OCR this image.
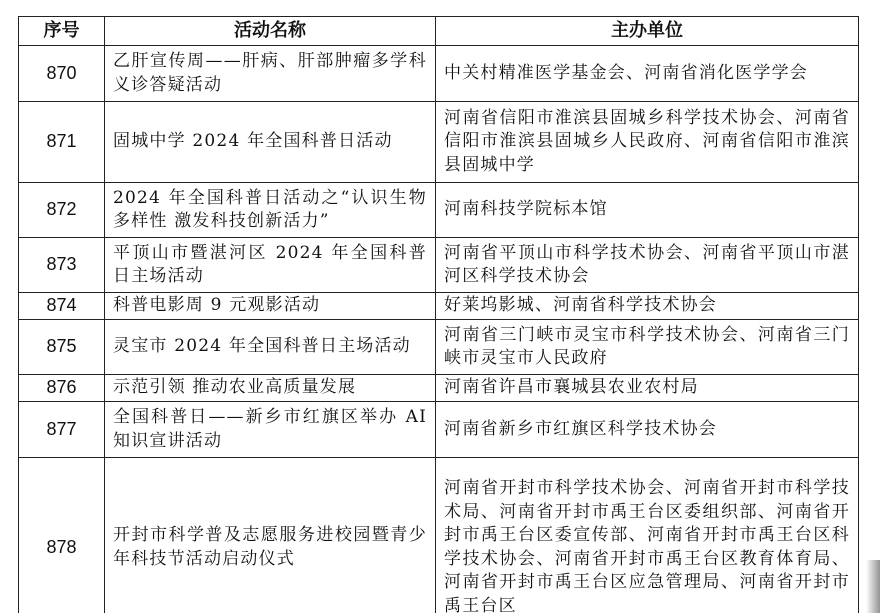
序号	活动名称	主办单位
870	乙肝宣传周——肝病、肝部肿瘤多学科义诊答疑活动	中关村精准医学基金会、河南省消化医学学会
871	固城中学 2024 年全国科普日活动	河南省信阳市淮滨县固城乡科学技术协会、河南省信阳市淮滨县固城乡人民政府、河南省信阳市淮滨县固城中学
872	2024 年全国科普日活动之“认识生物多样性 激发科技创新活力”	河南科技学院标本馆
873	平顶山市暨湛河区 2024 年全国科普日主场活动	河南省平顶山市科学技术协会、河南省平顶山市湛河区科学技术协会
874	科普电影周 9 元观影活动	好莱坞影城、河南省科学技术协会
875	灵宝市 2024 年全国科普日主场活动	河南省三门峡市灵宝市科学技术协会、河南省三门峡市灵宝市人民政府
876	示范引领 推动农业高质量发展	河南省许昌市襄城县农业农村局
877	全国科普日——新乡市红旗区举办 AI 知识宣讲活动	河南省新乡市红旗区科学技术协会
878	开封市科学普及志愿服务进校园暨青少年科技节活动启动仪式	河南省开封市科学技术协会、河南省开封市科学技术局、河南省开封市禹王台区委组织部、河南省开封市禹王台区委宣传部、河南省开封市禹王台区科学技术协会、河南省开封市禹王台区教育体育局、河南省开封市禹王台区应急管理局、河南省开封市禹王台区
